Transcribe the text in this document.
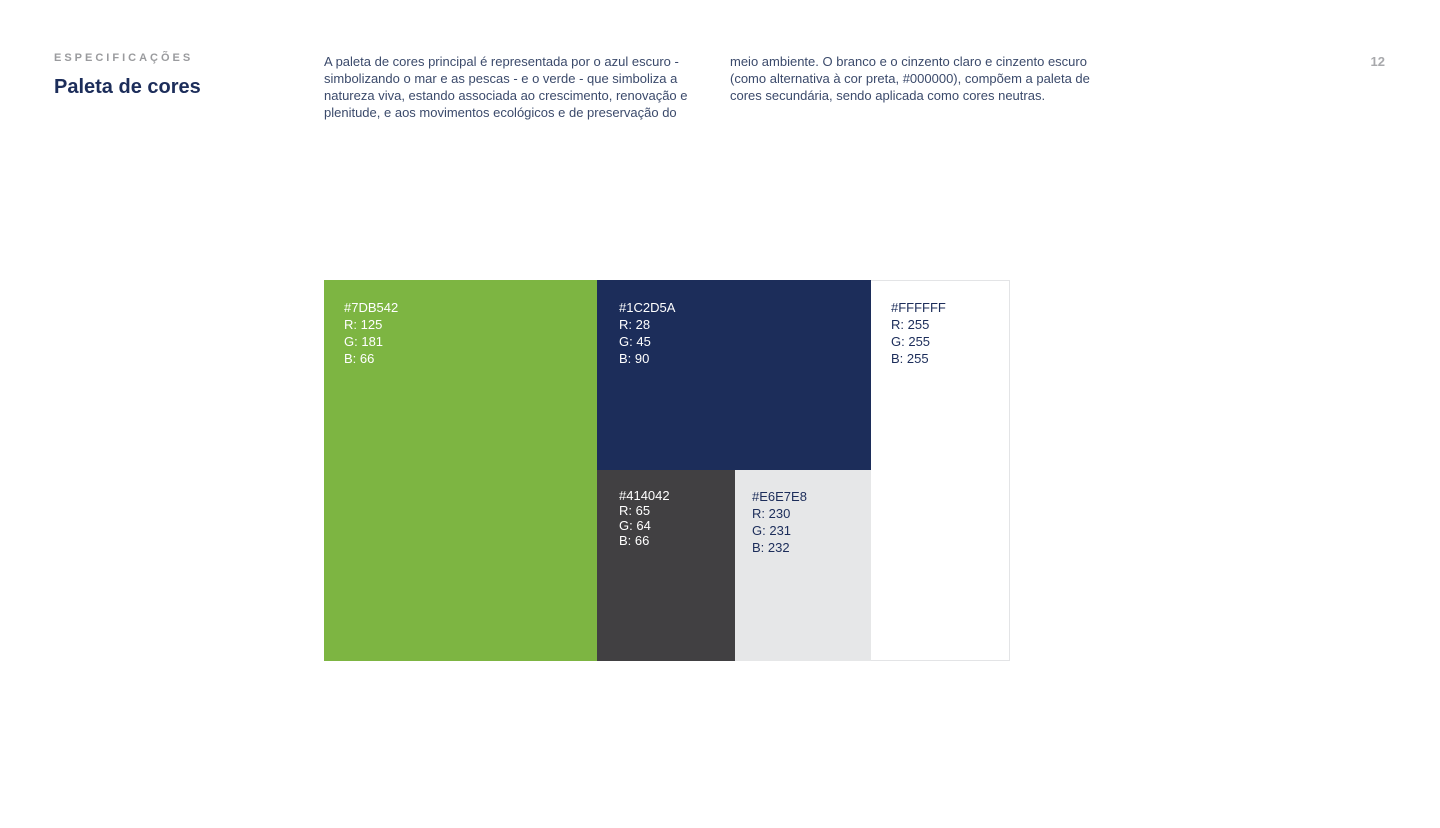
ESPECIFICAÇÕES
Paleta de cores

A paleta de cores principal é representada por o azul escuro - simbolizando o mar e as pescas - e o verde - que simboliza a natureza viva, estando associada ao crescimento, renovação e plenitude, e aos movimentos ecológicos e de preservação do

meio ambiente. O branco e o cinzento claro e cinzento escuro (como alternativa à cor preta, #000000), compõem a paleta de cores secundária, sendo aplicada como cores neutras.

12
#7DB542
R: 125
G: 181
B: 66
#1C2D5A
R: 28
G: 45
B: 90
#414042
R: 65
G: 64
B: 66
#E6E7E8
R: 230
G: 231
B: 232
#FFFFFF
R: 255
G: 255
B: 255
